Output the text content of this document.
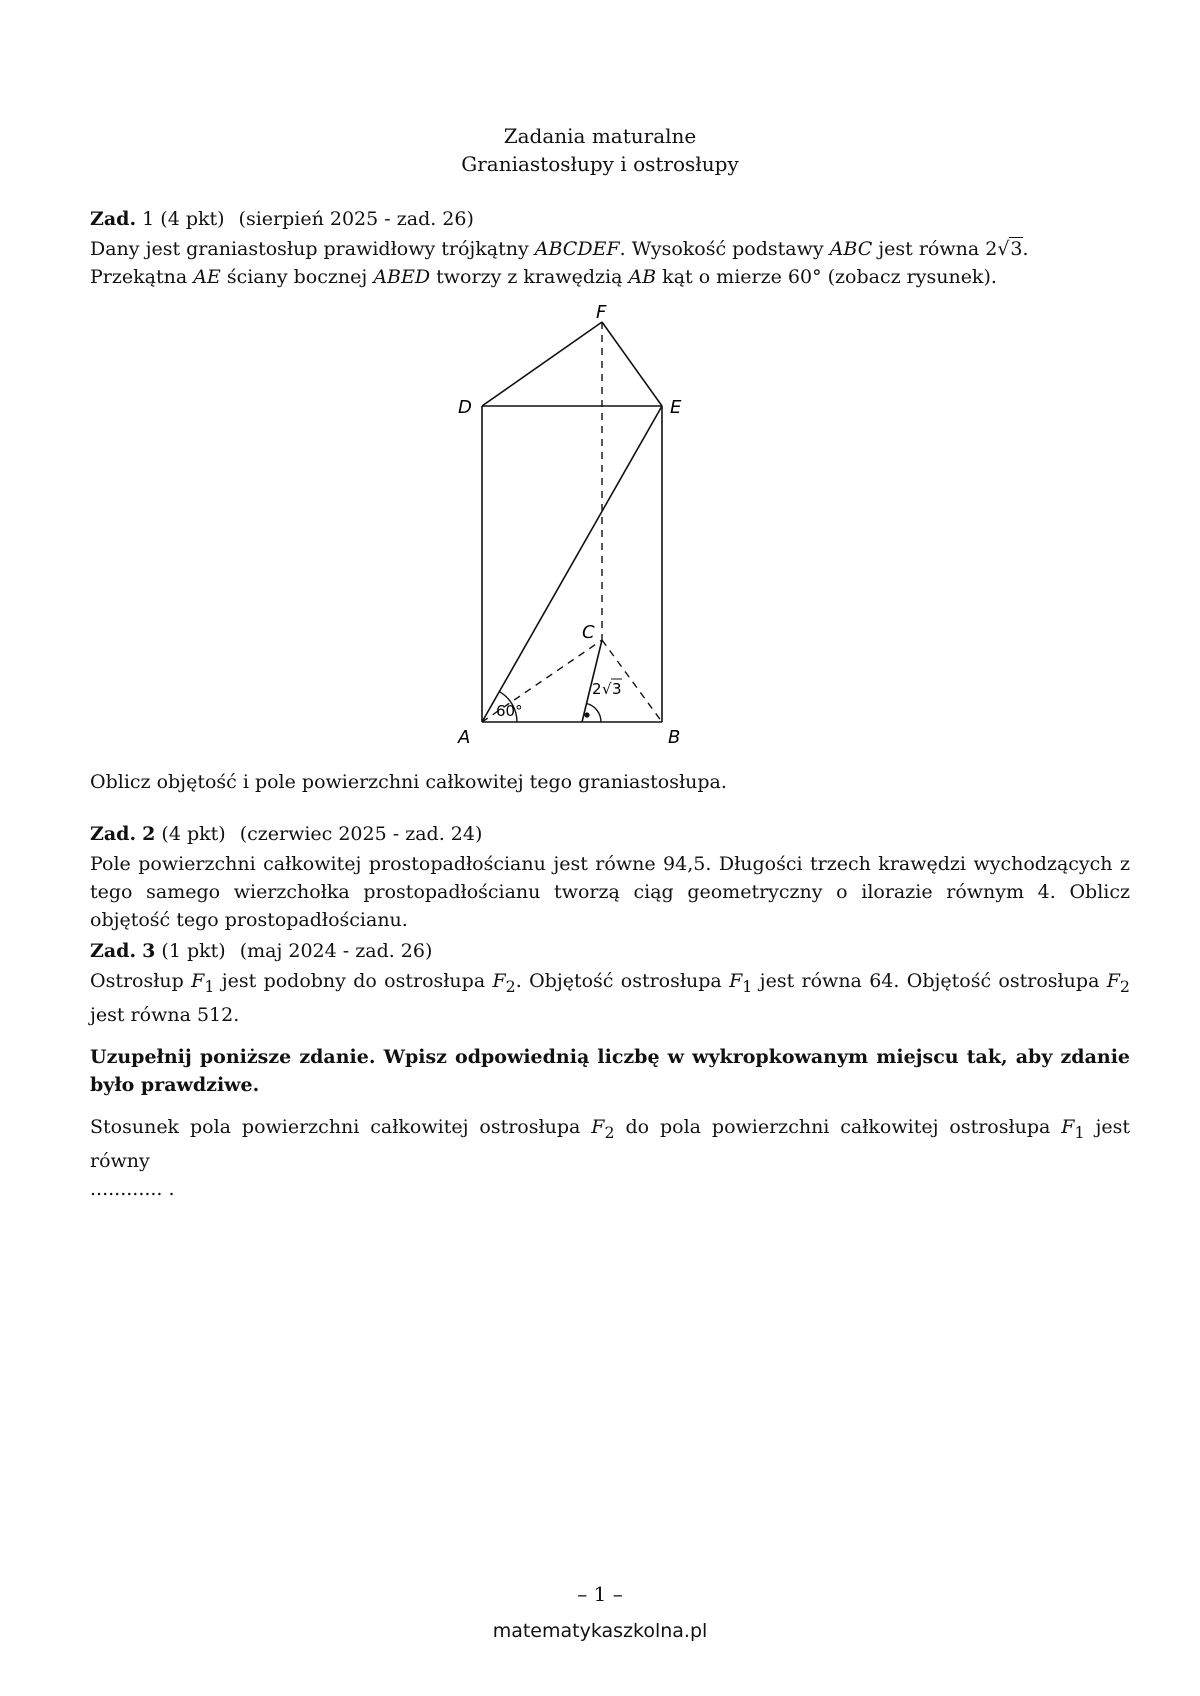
Zadania maturalne
Graniastosłupy i ostrosłupy
Zad. 1 (4 pkt) (sierpień 2025 - zad. 26)
Dany jest graniastosłup prawidłowy trójkątny ABCDEF. Wysokość podstawy ABC jest równa 2√3.
Przekątna AE ściany bocznej ABED tworzy z krawędzią AB kąt o mierze 60° (zobacz rysunek).
D	E
F
C
A	B
60°
2 √ 3
Oblicz objętość i pole powierzchni całkowitej tego graniastosłupa.
Zad. 2 (4 pkt) (czerwiec 2025 - zad. 24)
Pole powierzchni całkowitej prostopadłościanu jest równe 94,5. Długości trzech krawędzi wychodzących z tego samego wierzchołka prostopadłościanu tworzą ciąg geometryczny o ilorazie równym 4. Oblicz objętość tego prostopadłościanu.
Zad. 3 (1 pkt) (maj 2024 - zad. 26)
Ostrosłup $F_1$ jest podobny do ostrosłupa $F_2$. Objętość ostrosłupa $F_1$ jest równa 64. Objętość ostrosłupa $F_2$ jest równa 512.
Uzupełnij poniższe zdanie. Wpisz odpowiednią liczbę w wykropkowanym miejscu tak, aby zdanie było prawdziwe.
Stosunek pola powierzchni całkowitej ostrosłupa $F_2$ do pola powierzchni całkowitej ostrosłupa $F_1$ jest równy
............ .
– 1 –
matematykaszkolna.pl
